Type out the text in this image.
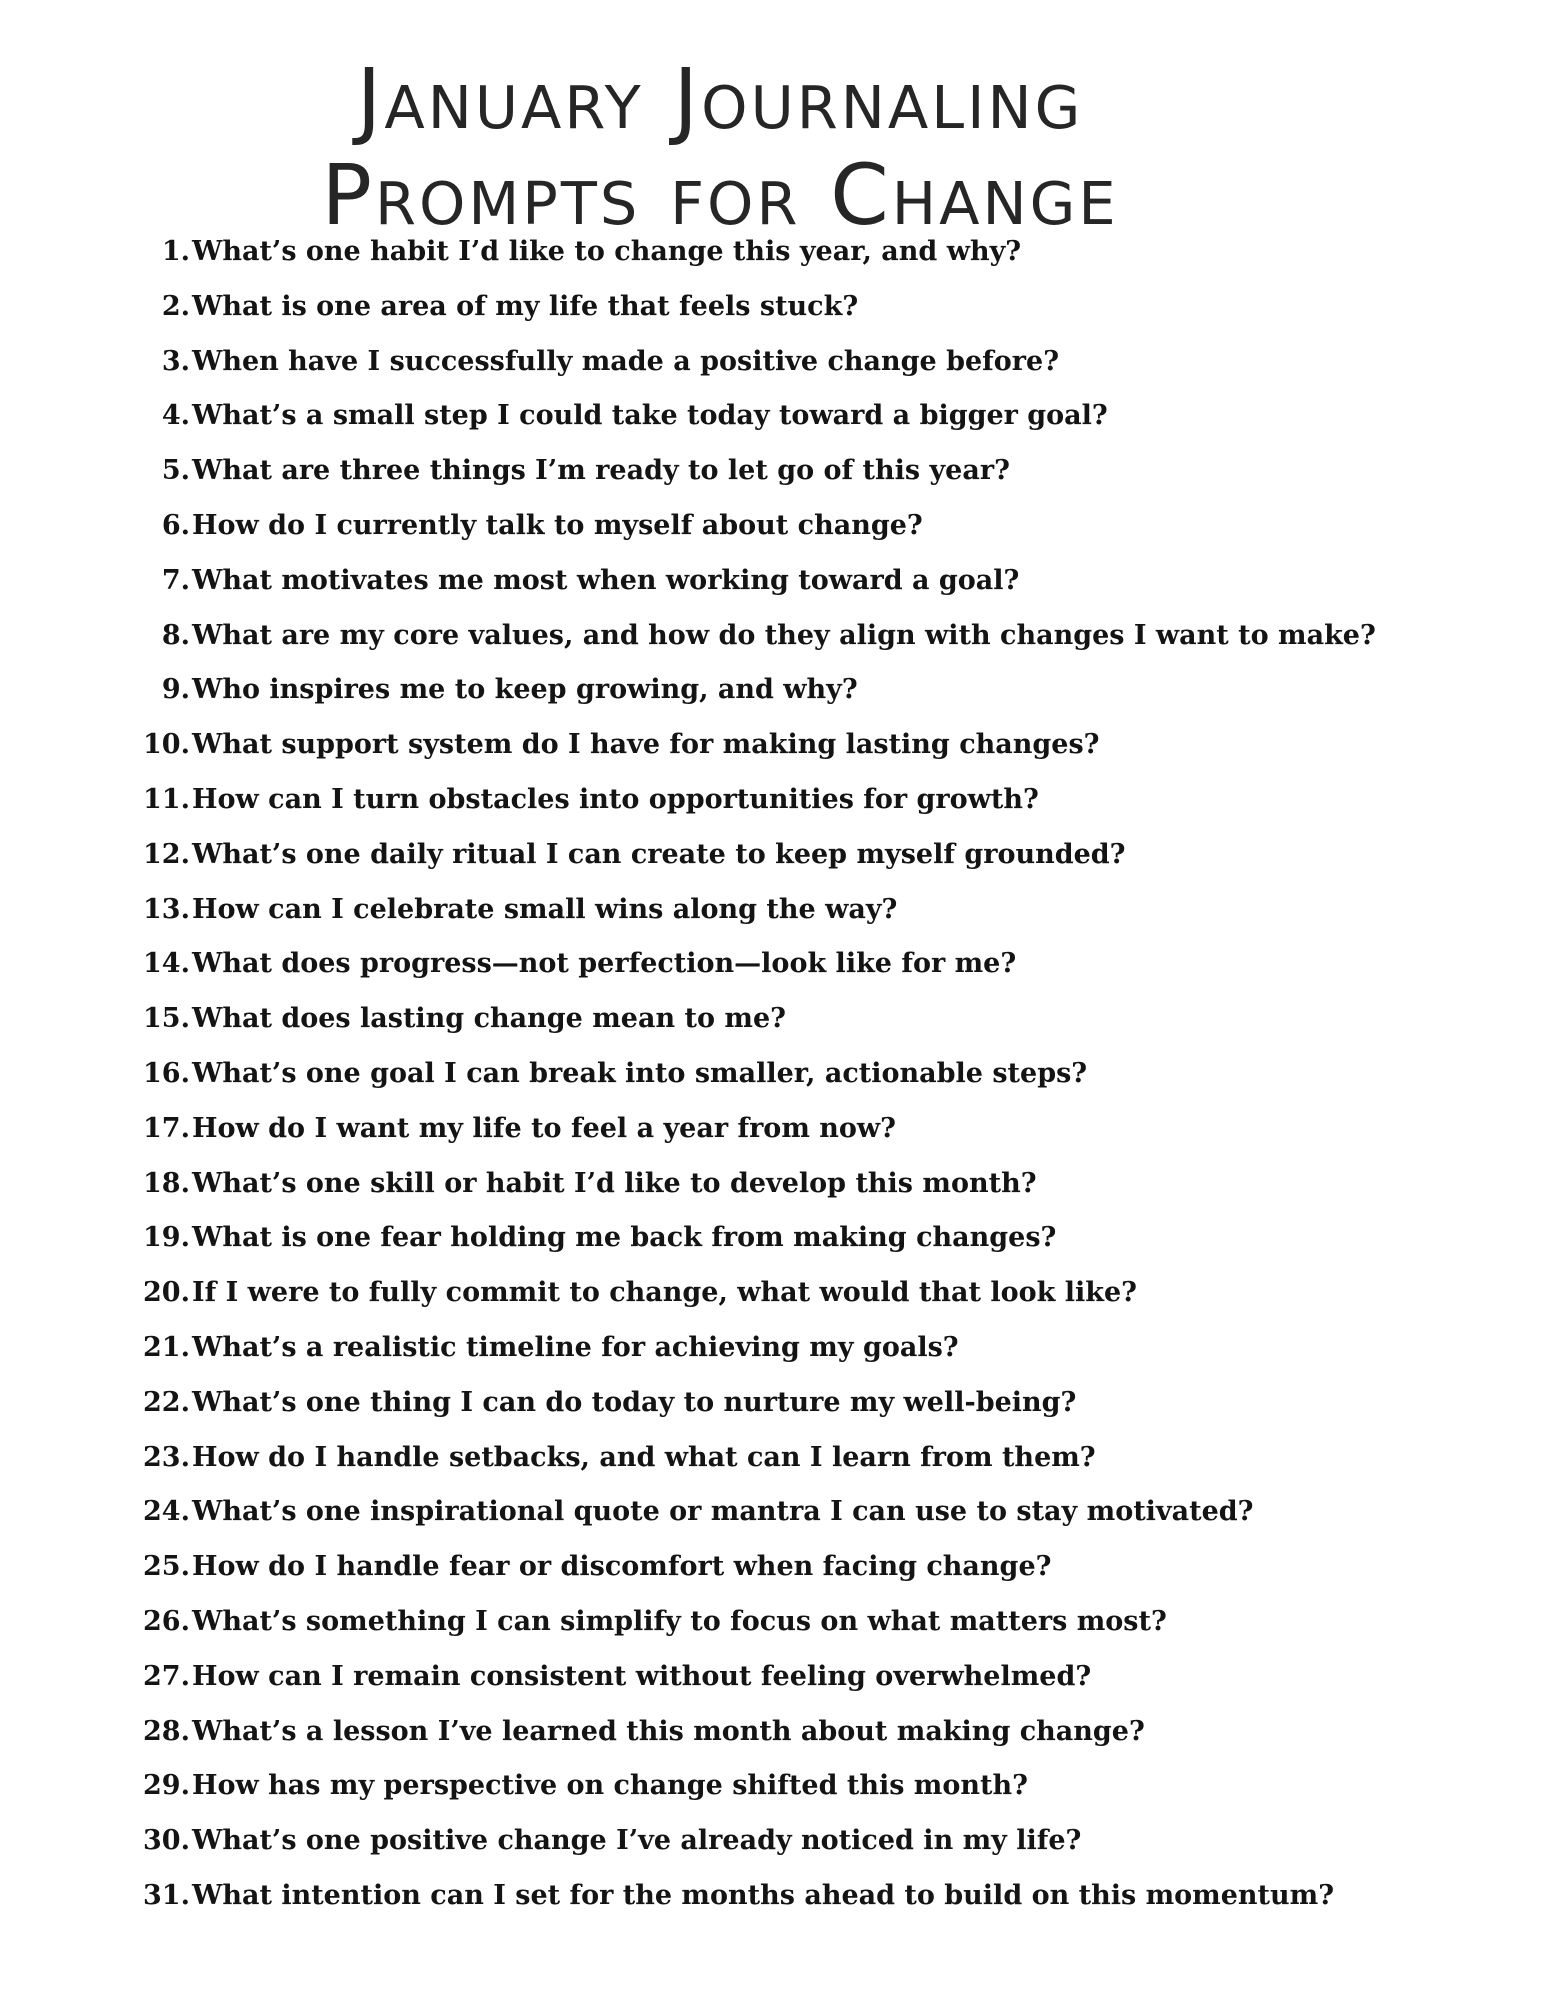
January Journaling
Prompts for Change
1. What’s one habit I’d like to change this year, and why?
2. What is one area of my life that feels stuck?
3. When have I successfully made a positive change before?
4. What’s a small step I could take today toward a bigger goal?
5. What are three things I’m ready to let go of this year?
6. How do I currently talk to myself about change?
7. What motivates me most when working toward a goal?
8. What are my core values, and how do they align with changes I want to make?
9. Who inspires me to keep growing, and why?
10. What support system do I have for making lasting changes?
11. How can I turn obstacles into opportunities for growth?
12. What’s one daily ritual I can create to keep myself grounded?
13. How can I celebrate small wins along the way?
14. What does progress—not perfection—look like for me?
15. What does lasting change mean to me?
16. What’s one goal I can break into smaller, actionable steps?
17. How do I want my life to feel a year from now?
18. What’s one skill or habit I’d like to develop this month?
19. What is one fear holding me back from making changes?
20. If I were to fully commit to change, what would that look like?
21. What’s a realistic timeline for achieving my goals?
22. What’s one thing I can do today to nurture my well-being?
23. How do I handle setbacks, and what can I learn from them?
24. What’s one inspirational quote or mantra I can use to stay motivated?
25. How do I handle fear or discomfort when facing change?
26. What’s something I can simplify to focus on what matters most?
27. How can I remain consistent without feeling overwhelmed?
28. What’s a lesson I’ve learned this month about making change?
29. How has my perspective on change shifted this month?
30. What’s one positive change I’ve already noticed in my life?
31. What intention can I set for the months ahead to build on this momentum?
